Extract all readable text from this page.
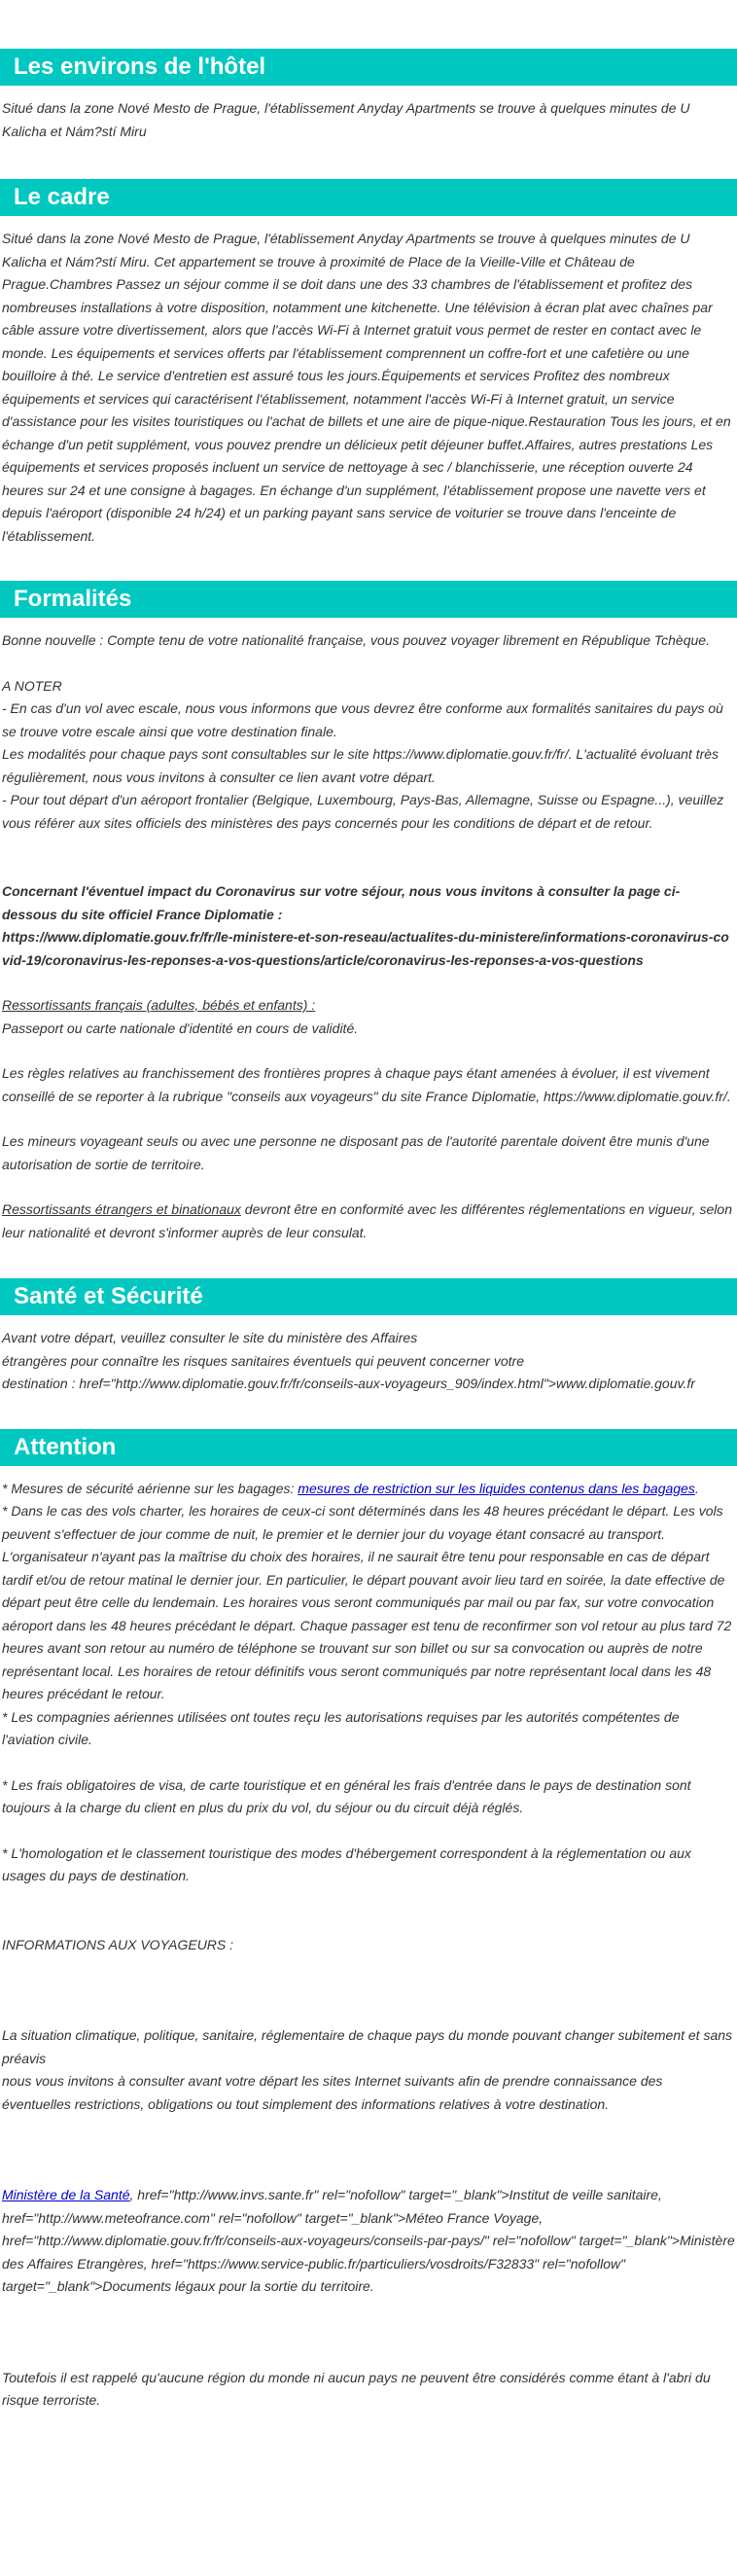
Les environs de l'hôtel

Situé dans la zone Nové Mesto de Prague, l'établissement Anyday Apartments se trouve à quelques minutes de U Kalicha et Nám?stí Miru

Le cadre

Situé dans la zone Nové Mesto de Prague, l'établissement Anyday Apartments se trouve à quelques minutes de U Kalicha et Nám?stí Miru. Cet appartement se trouve à proximité de Place de la Vieille-Ville et Château de Prague.Chambres Passez un séjour comme il se doit dans une des 33 chambres de l'établissement et profitez des nombreuses installations à votre disposition, notamment une kitchenette. Une télévision à écran plat avec chaînes par câble assure votre divertissement, alors que l'accès Wi-Fi à Internet gratuit vous permet de rester en contact avec le monde. Les équipements et services offerts par l'établissement comprennent un coffre-fort et une cafetière ou une bouilloire à thé. Le service d'entretien est assuré tous les jours.Équipements et services Profitez des nombreux équipements et services qui caractérisent l'établissement, notamment l'accès Wi-Fi à Internet gratuit, un service d'assistance pour les visites touristiques ou l'achat de billets et une aire de pique-nique.Restauration Tous les jours, et en échange d'un petit supplément, vous pouvez prendre un délicieux petit déjeuner buffet.Affaires, autres prestations Les équipements et services proposés incluent un service de nettoyage à sec / blanchisserie, une réception ouverte 24 heures sur 24 et une consigne à bagages. En échange d'un supplément, l'établissement propose une navette vers et depuis l'aéroport (disponible 24 h/24) et un parking payant sans service de voiturier se trouve dans l'enceinte de l'établissement.

Formalités

Bonne nouvelle : Compte tenu de votre nationalité française, vous pouvez voyager librement en République Tchèque.

A NOTER

- En cas d'un vol avec escale, nous vous informons que vous devrez être conforme aux formalités sanitaires du pays où se trouve votre escale ainsi que votre destination finale.

Les modalités pour chaque pays sont consultables sur le site https://www.diplomatie.gouv.fr/fr/. L'actualité évoluant très régulièrement, nous vous invitons à consulter ce lien avant votre départ.

- Pour tout départ d'un aéroport frontalier (Belgique, Luxembourg, Pays-Bas, Allemagne, Suisse ou Espagne...), veuillez vous référer aux sites officiels des ministères des pays concernés pour les conditions de départ et de retour.

Concernant l'éventuel impact du Coronavirus sur votre séjour, nous vous invitons à consulter la page ci-dessous du site officiel France Diplomatie :

https://www.diplomatie.gouv.fr/fr/le-ministere-et-son-reseau/actualites-du-ministere/informations-coronavirus-covid-19/coronavirus-les-reponses-a-vos-questions/article/coronavirus-les-reponses-a-vos-questions

Ressortissants français (adultes, bébés et enfants) :

Passeport ou carte nationale d'identité en cours de validité.

Les règles relatives au franchissement des frontières propres à chaque pays étant amenées à évoluer, il est vivement conseillé de se reporter à la rubrique "conseils aux voyageurs" du site France Diplomatie, https://www.diplomatie.gouv.fr/.

Les mineurs voyageant seuls ou avec une personne ne disposant pas de l'autorité parentale doivent être munis d'une autorisation de sortie de territoire.

Ressortissants étrangers et binationaux devront être en conformité avec les différentes réglementations en vigueur, selon leur nationalité et devront s'informer auprès de leur consulat.

Santé et Sécurité

Avant votre départ, veuillez consulter le site du ministère des Affaires

étrangères pour connaître les risques sanitaires éventuels qui peuvent concerner votre

destination : href="http://www.diplomatie.gouv.fr/fr/conseils-aux-voyageurs_909/index.html">www.diplomatie.gouv.fr

Attention

* Mesures de sécurité aérienne sur les bagages: mesures de restriction sur les liquides contenus dans les bagages.

* Dans le cas des vols charter, les horaires de ceux-ci sont déterminés dans les 48 heures précédant le départ. Les vols peuvent s'effectuer de jour comme de nuit, le premier et le dernier jour du voyage étant consacré au transport. L'organisateur n'ayant pas la maîtrise du choix des horaires, il ne saurait être tenu pour responsable en cas de départ tardif et/ou de retour matinal le dernier jour. En particulier, le départ pouvant avoir lieu tard en soirée, la date effective de départ peut être celle du lendemain. Les horaires vous seront communiqués par mail ou par fax, sur votre convocation aéroport dans les 48 heures précédant le départ. Chaque passager est tenu de reconfirmer son vol retour au plus tard 72 heures avant son retour au numéro de téléphone se trouvant sur son billet ou sur sa convocation ou auprès de notre représentant local. Les horaires de retour définitifs vous seront communiqués par notre représentant local dans les 48 heures précédant le retour.

* Les compagnies aériennes utilisées ont toutes reçu les autorisations requises par les autorités compétentes de l'aviation civile.

* Les frais obligatoires de visa, de carte touristique et en général les frais d'entrée dans le pays de destination sont toujours à la charge du client en plus du prix du vol, du séjour ou du circuit déjà réglés.

* L'homologation et le classement touristique des modes d'hébergement correspondent à la réglementation ou aux usages du pays de destination.

INFORMATIONS AUX VOYAGEURS :

La situation climatique, politique, sanitaire, réglementaire de chaque pays du monde pouvant changer subitement et sans préavis

nous vous invitons à consulter avant votre départ les sites Internet suivants afin de prendre connaissance des éventuelles restrictions, obligations ou tout simplement des informations relatives à votre destination.

Ministère de la Santé, href="http://www.invs.sante.fr" rel="nofollow" target="_blank">Institut de veille sanitaire, href="http://www.meteofrance.com" rel="nofollow" target="_blank">Méteo France Voyage, href="http://www.diplomatie.gouv.fr/fr/conseils-aux-voyageurs/conseils-par-pays/" rel="nofollow" target="_blank">Ministère des Affaires Etrangères, href="https://www.service-public.fr/particuliers/vosdroits/F32833" rel="nofollow" target="_blank">Documents légaux pour la sortie du territoire.

Toutefois il est rappelé qu'aucune région du monde ni aucun pays ne peuvent être considérés comme étant à l'abri du risque terroriste.
